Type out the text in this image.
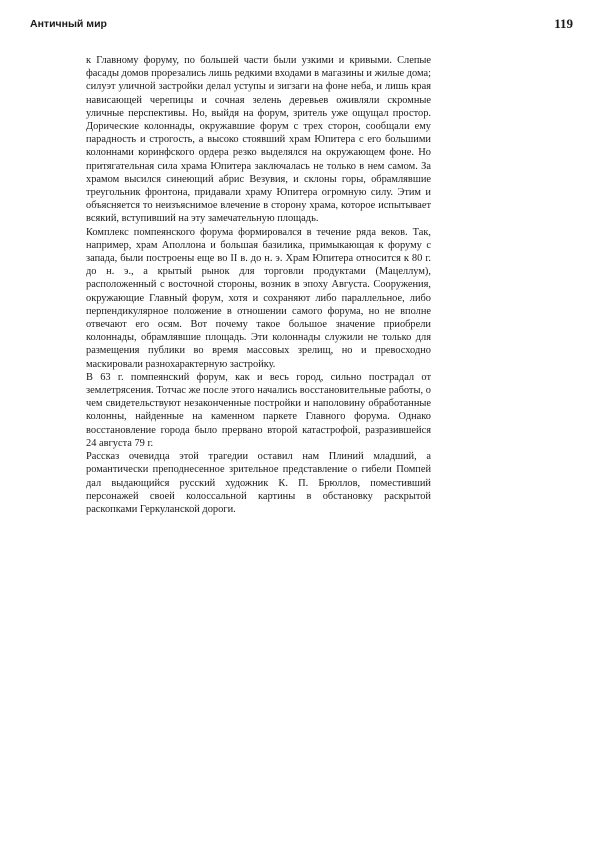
Античный мир	119

к Главному форуму, по большей части были узкими и кривыми. Слепые фасады домов прорезались лишь редкими входами в магазины и жилые дома; силуэт уличной застройки делал уступы и зигзаги на фоне неба, и лишь края нависающей черепицы и сочная зелень деревьев оживляли скромные уличные перспективы. Но, выйдя на форум, зритель уже ощущал простор. Дорические колоннады, окружавшие форум с трех сторон, сообщали ему парадность и строгость, а высоко стоявший храм Юпитера с его большими колоннами коринфского ордера резко выделялся на окружающем фоне. Но притягательная сила храма Юпитера заключалась не только в нем самом. За храмом высился синеющий абрис Везувия, и склоны горы, обрамлявшие треугольник фронтона, придавали храму Юпитера огромную силу. Этим и объясняется то неизъяснимое влечение в сторону храма, которое испытывает всякий, вступивший на эту замечательную площадь.

Комплекс помпеянского форума формировался в течение ряда веков. Так, например, храм Аполлона и большая базилика, примыкающая к форуму с запада, были построены еще во II в. до н. э. Храм Юпитера относится к 80 г. до н. э., а крытый рынок для торговли продуктами (Мацеллум), расположенный с восточной стороны, возник в эпоху Августа. Сооружения, окружающие Главный форум, хотя и сохраняют либо параллельное, либо перпендикулярное положение в отношении самого форума, но не вполне отвечают его осям. Вот почему такое большое значение приобрели колоннады, обрамлявшие площадь. Эти колоннады служили не только для размещения публики во время массовых зрелищ, но и превосходно маскировали разнохарактерную застройку.

В 63 г. помпеянский форум, как и весь город, сильно пострадал от землетрясения. Тотчас же после этого начались восстановительные работы, о чем свидетельствуют незаконченные постройки и наполовину обработанные колонны, найденные на каменном паркете Главного форума. Однако восстановление города было прервано второй катастрофой, разразившейся 24 августа 79 г.

Рассказ очевидца этой трагедии оставил нам Плиний младший, а романтически преподнесенное зрительное представление о гибели Помпей дал выдающийся русский художник К. П. Брюллов, поместивший персонажей своей колоссальной картины в обстановку раскрытой раскопками Геркуланской дороги.
